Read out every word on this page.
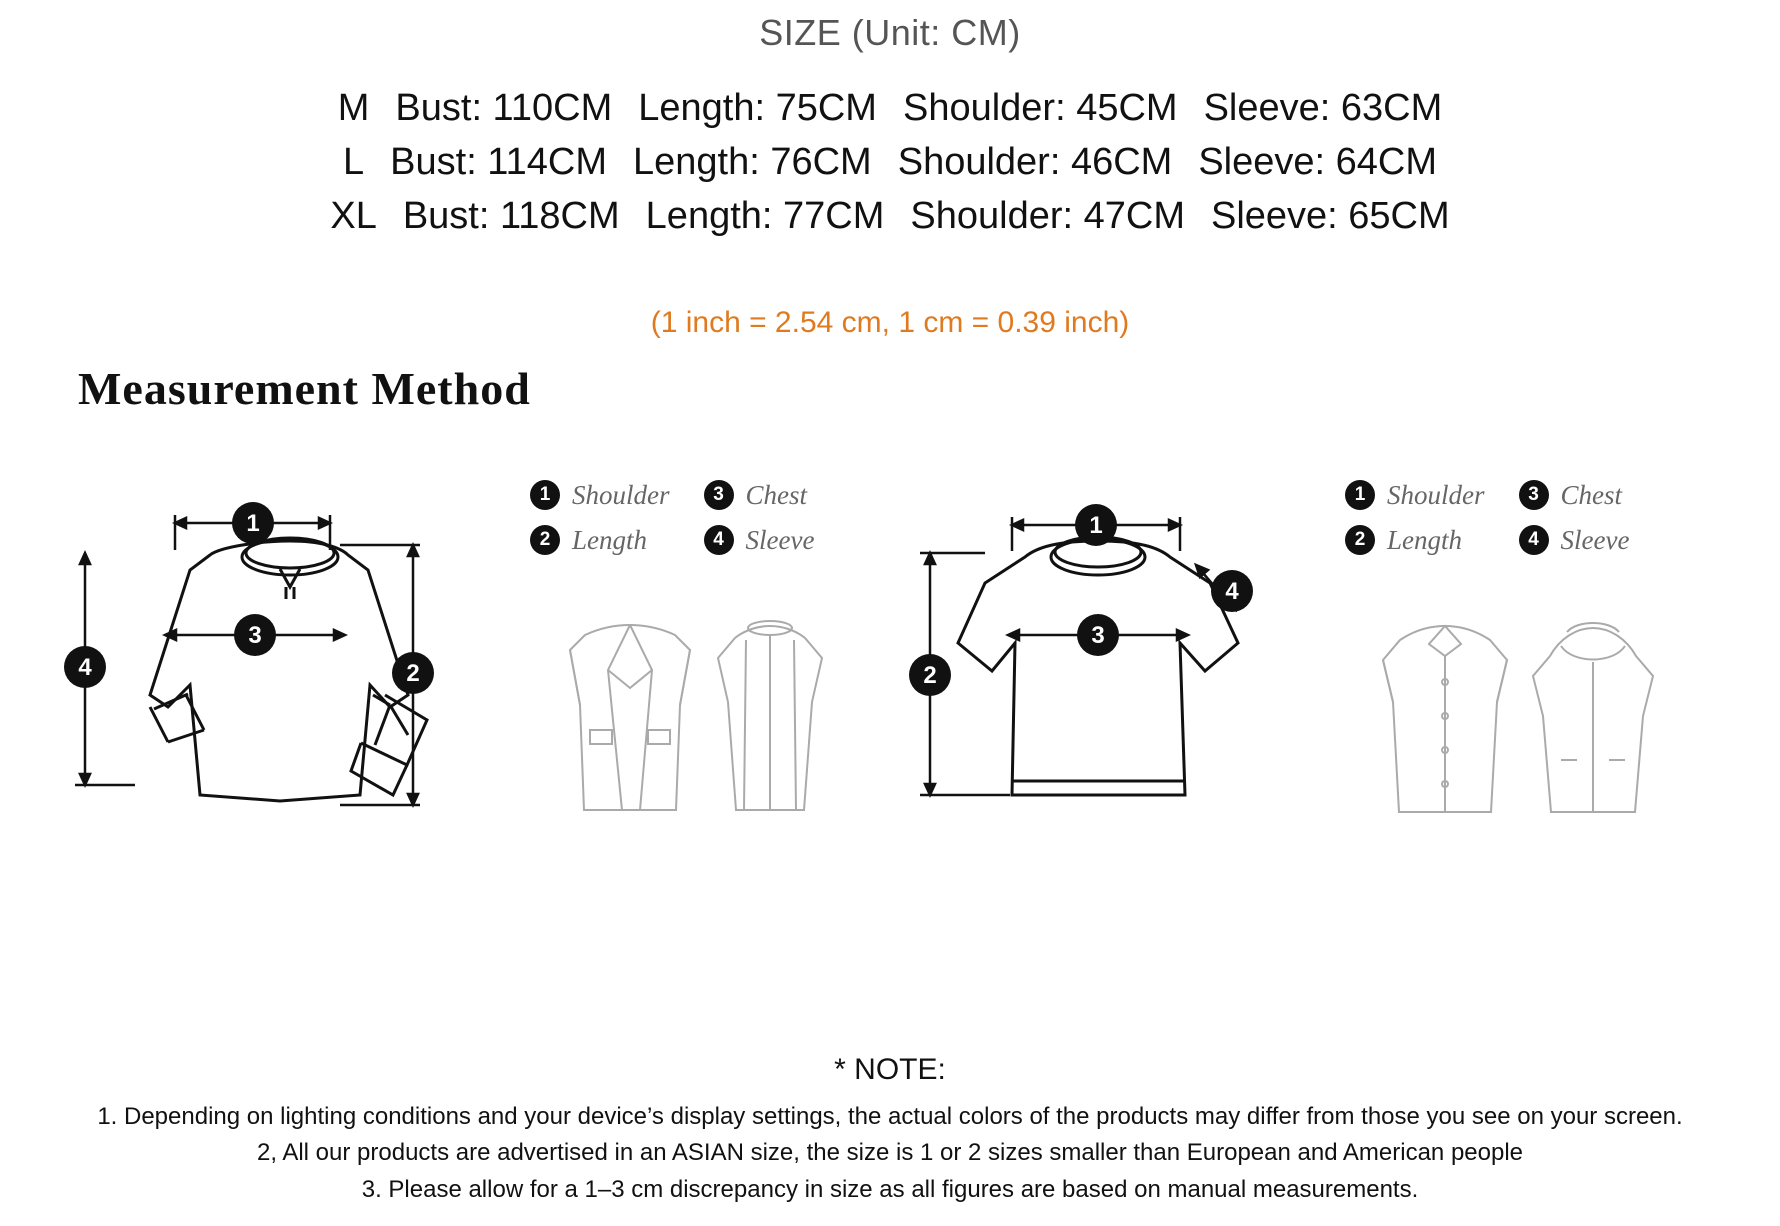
SIZE (Unit: CM)
M Bust: 110CM Length: 75CM Shoulder: 45CM Sleeve: 63CM
L Bust: 114CM Length: 76CM Shoulder: 46CM Sleeve: 64CM
XL Bust: 118CM Length: 77CM Shoulder: 47CM Sleeve: 65CM
(1 inch = 2.54 cm, 1 cm = 0.39 inch)
Measurement Method
1
3
2
4
1 Shoulder	3 Chest
2 Length	4 Sleeve	1
3
2
4
1 Shoulder	3 Chest
2 Length	4 Sleeve
* NOTE:
1. Depending on lighting conditions and your device’s display settings, the actual colors of the products may differ from those you see on your screen.
2, All our products are advertised in an ASIAN size, the size is 1 or 2 sizes smaller than European and American people
3. Please allow for a 1–3 cm discrepancy in size as all figures are based on manual measurements.
